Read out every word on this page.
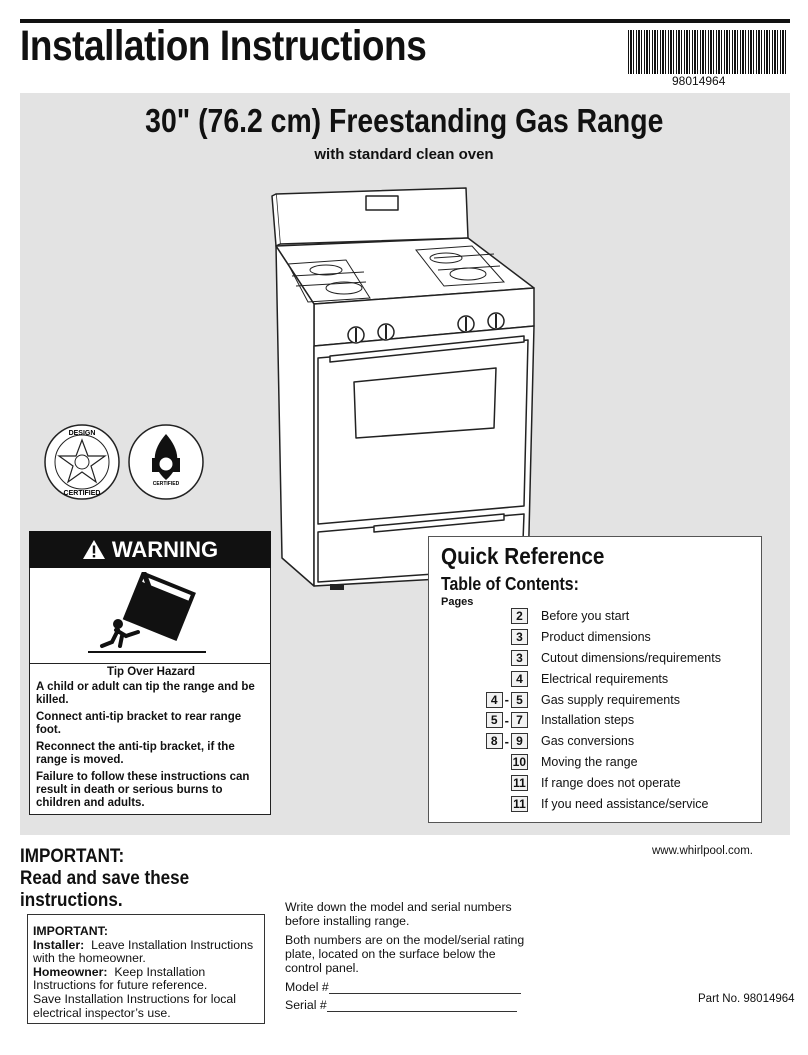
Installation Instructions
98014964
30" (76.2 cm) Freestanding Gas Range
with standard clean oven
DESIGN
CERTIFIED
CERTIFIED
WARNING
Tip Over Hazard

A child or adult can tip the range and be killed.

Connect anti-tip bracket to rear range foot.

Reconnect the anti-tip bracket, if the range is moved.

Failure to follow these instructions can result in death or serious burns to children and adults.

Quick Reference
Table of Contents:
Pages
2	Before you start
3	Product dimensions
3	Cutout dimensions/requirements
4	Electrical requirements
4 - 5	Gas supply requirements
5 - 7	Installation steps
8 - 9	Gas conversions
10 Moving the range
11 If range does not operate
11 If you need assistance/service
www.whirlpool.com.
IMPORTANT:
Read and save these
instructions.
IMPORTANT:
Installer: Leave Installation Instructions with the homeowner.
Homeowner: Keep Installation Instructions for future reference.
Save Installation Instructions for local electrical inspector’s use.

Write down the model and serial numbers before installing range.

Both numbers are on the model/serial rating plate, located on the surface below the control panel.

Model #
Serial #	Part No. 98014964
